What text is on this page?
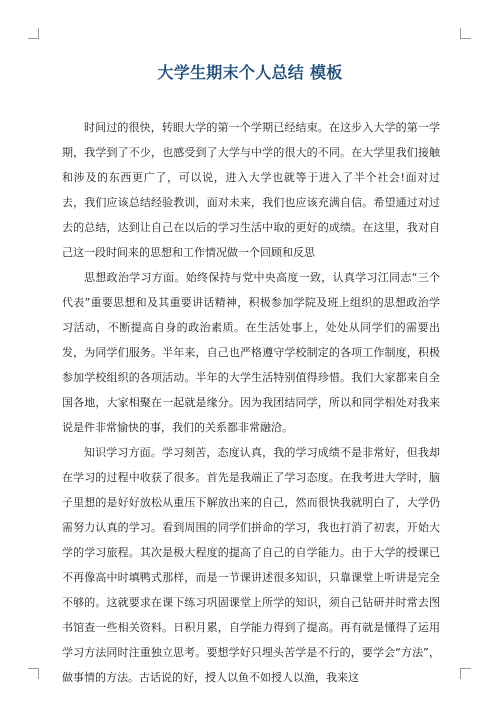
大学生期末个人总结 模板

时间过的很快，转眼大学的第一个学期已经结束。在这步入大学的第一学期，我学到了不少，也感受到了大学与中学的很大的不同。在大学里我们接触和涉及的东西更广了，可以说，进入大学也就等于进入了半个社会!面对过去，我们应该总结经验教训，面对未来，我们也应该充满自信。希望通过对过去的总结，达到让自己在以后的学习生活中取的更好的成绩。在这里，我对自己这一段时间来的思想和工作情况做一个回顾和反思

思想政治学习方面。始终保持与党中央高度一致，认真学习江同志“三个代表”重要思想和及其重要讲话精神，积极参加学院及班上组织的思想政治学习活动，不断提高自身的政治素质。在生活处事上，处处从同学们的需要出发，为同学们服务。半年来，自己也严格遵守学校制定的各项工作制度，积极参加学校组织的各项活动。半年的大学生活特别值得珍惜。我们大家都来自全国各地，大家相聚在一起就是缘分。因为我团结同学，所以和同学相处对我来说是件非常愉快的事，我们的关系都非常融洽。

知识学习方面。学习刻苦，态度认真，我的学习成绩不是非常好，但我却在学习的过程中收获了很多。首先是我端正了学习态度。在我考进大学时，脑子里想的是好好放松从重压下解放出来的自己，然而很快我就明白了，大学仍需努力认真的学习。看到周围的同学们拼命的学习，我也打消了初衷，开始大学的学习旅程。其次是极大程度的提高了自己的自学能力。由于大学的授课已不再像高中时填鸭式那样，而是一节课讲述很多知识，只靠课堂上听讲是完全不够的。这就要求在课下练习巩固课堂上所学的知识，须自己钻研并时常去图书馆查一些相关资料。日积月累，自学能力得到了提高。再有就是懂得了运用学习方法同时注重独立思考。要想学好只埋头苦学是不行的，要学会“方法”，做事情的方法。古话说的好，授人以鱼不如授人以渔，我来这
